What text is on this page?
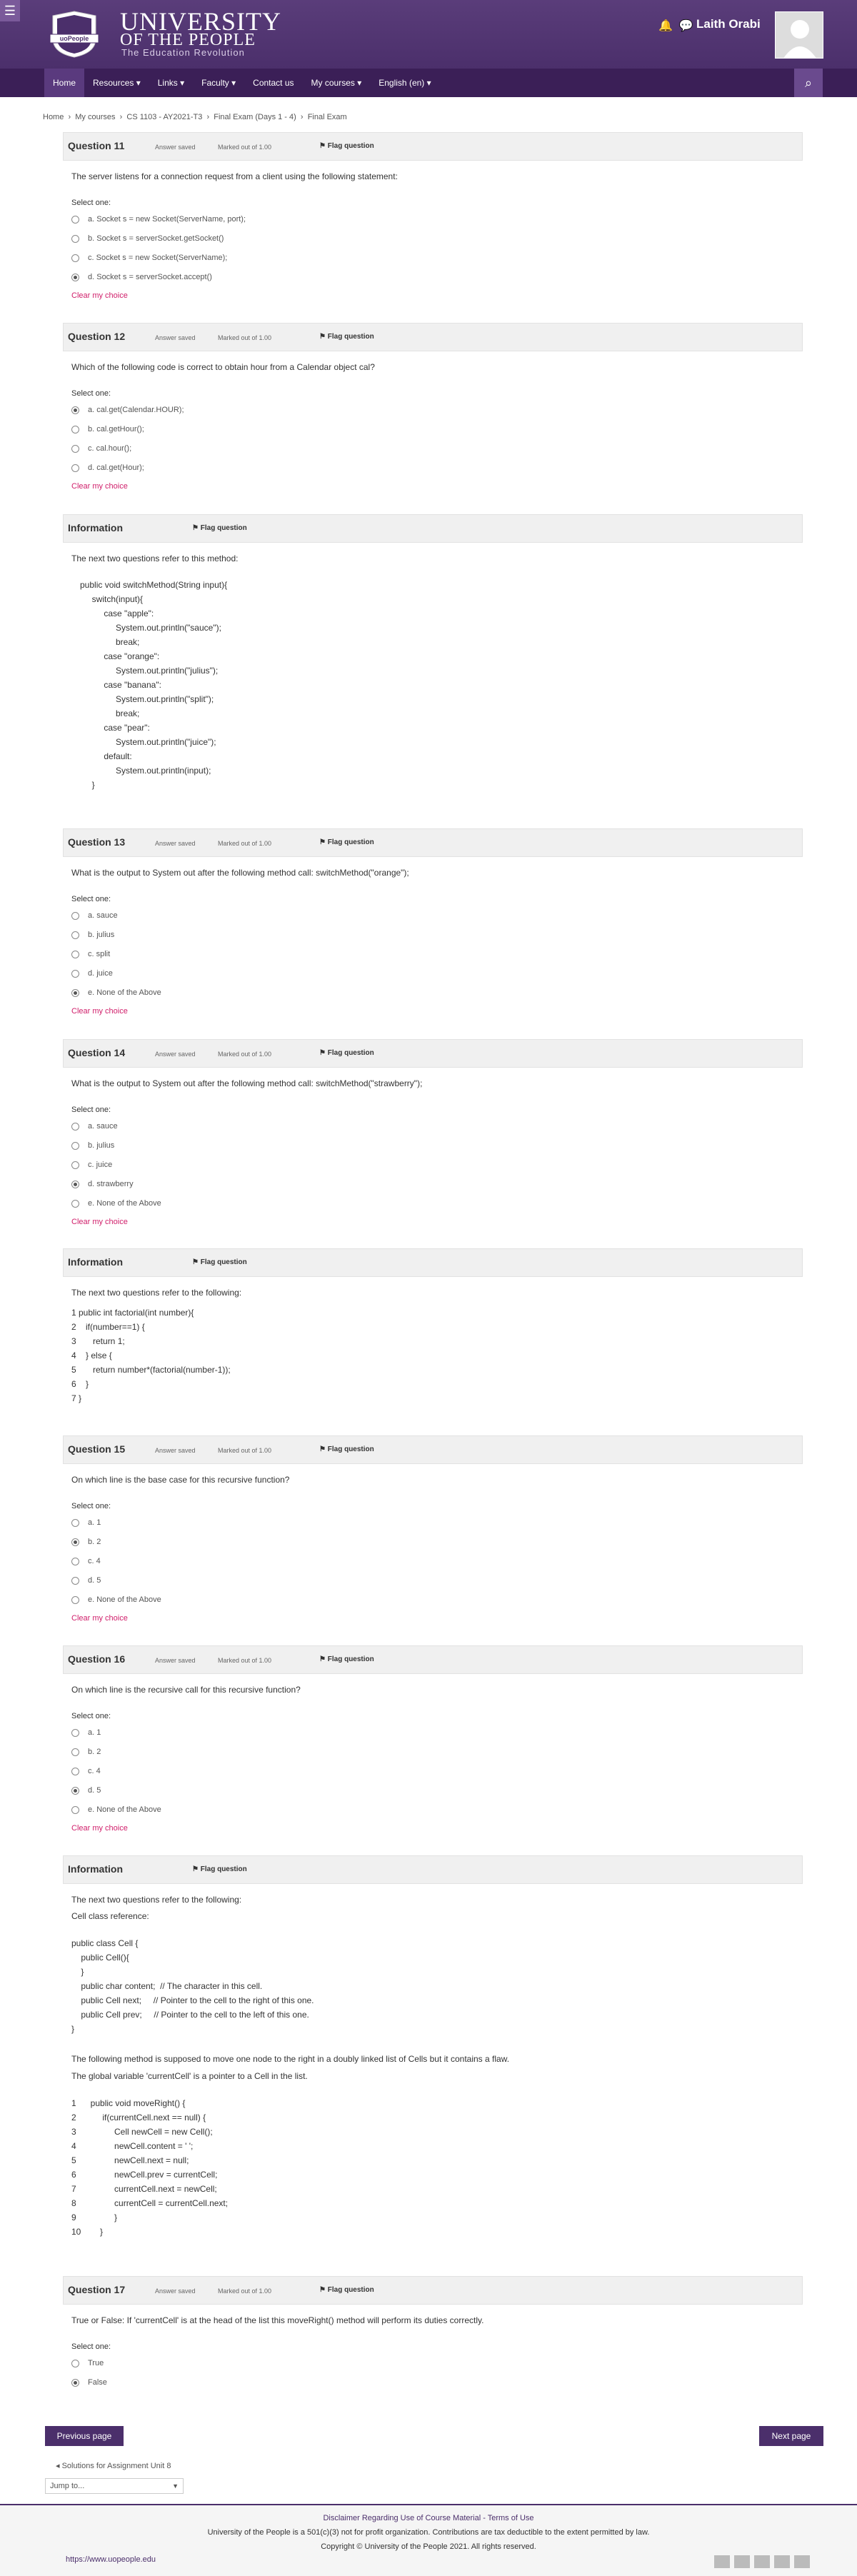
☰
uoPeople
UNIVERSITY
OF THE PEOPLE
The Education Revolution
🔔 💬 Laith Orabi
Home	Resources ▾	Links ▾	Faculty ▾	Contact us	My courses ▾	English (en) ▾	⌕
Home  ›  My courses  ›  CS 1103 - AY2021-T3  ›  Final Exam (Days 1 - 4)  ›  Final Exam
Question 11	Answer saved	Marked out of 1.00	⚑ Flag question
The server listens for a connection request from a client using the following statement:
Select one:
a. Socket s = new Socket(ServerName, port);
b. Socket s = serverSocket.getSocket()
c. Socket s = new Socket(ServerName);
d. Socket s = serverSocket.accept()
Clear my choice
Question 12	Answer saved	Marked out of 1.00	⚑ Flag question
Which of the following code is correct to obtain hour from a Calendar object cal?
Select one:
a. cal.get(Calendar.HOUR);
b. cal.getHour();
c. cal.hour();
d. cal.get(Hour);
Clear my choice
Information	⚑ Flag question
The next two questions refer to this method:
public void switchMethod(String input){
switch(input){
case "apple":
System.out.println("sauce");
break;
case "orange":
System.out.println("julius");
case "banana":
System.out.println("split");
break;
case "pear":
System.out.println("juice");
default:
System.out.println(input);
}
Question 13	Answer saved	Marked out of 1.00	⚑ Flag question
What is the output to System out after the following method call: switchMethod("orange");
Select one:
a. sauce
b. julius
c. split
d. juice
e. None of the Above
Clear my choice
Question 14	Answer saved	Marked out of 1.00	⚑ Flag question
What is the output to System out after the following method call: switchMethod("strawberry");
Select one:
a. sauce
b. julius
c. juice
d. strawberry
e. None of the Above
Clear my choice
Information	⚑ Flag question
The next two questions refer to the following:
1 public int factorial(int number){
2    if(number==1) {
3       return 1;
4    } else {
5       return number*(factorial(number-1));
6    }
7 }
Question 15	Answer saved	Marked out of 1.00	⚑ Flag question
On which line is the base case for this recursive function?
Select one:
a. 1
b. 2
c. 4
d. 5
e. None of the Above
Clear my choice
Question 16	Answer saved	Marked out of 1.00	⚑ Flag question
On which line is the recursive call for this recursive function?
Select one:
a. 1
b. 2
c. 4
d. 5
e. None of the Above
Clear my choice
Information	⚑ Flag question
The next two questions refer to the following:
Cell class reference:
public class Cell {
public Cell(){
}
public char content;  // The character in this cell.
public Cell next;     // Pointer to the cell to the right of this one.
public Cell prev;     // Pointer to the cell to the left of this one.
}
The following method is supposed to move one node to the right in a doubly linked list of Cells but it contains a flaw.
The global variable 'currentCell' is a pointer to a Cell in the list.
1      public void moveRight() {
2           if(currentCell.next == null) {
3                Cell newCell = new Cell();
4                newCell.content = ' ';
5                newCell.next = null;
6                newCell.prev = currentCell;
7                currentCell.next = newCell;
8                currentCell = currentCell.next;
9                }
10        }
Question 17	Answer saved	Marked out of 1.00	⚑ Flag question
True or False: If 'currentCell' is at the head of the list this moveRight() method will perform its duties correctly.
Select one:
True
False
Previous page	Next page
◂ Solutions for Assignment Unit 8
Jump to...	▼
Disclaimer Regarding Use of Course Material - Terms of Use
University of the People is a 501(c)(3) not for profit organization. Contributions are tax deductible to the extent permitted by law.
Copyright © University of the People 2021. All rights reserved.
https://www.uopeople.edu
